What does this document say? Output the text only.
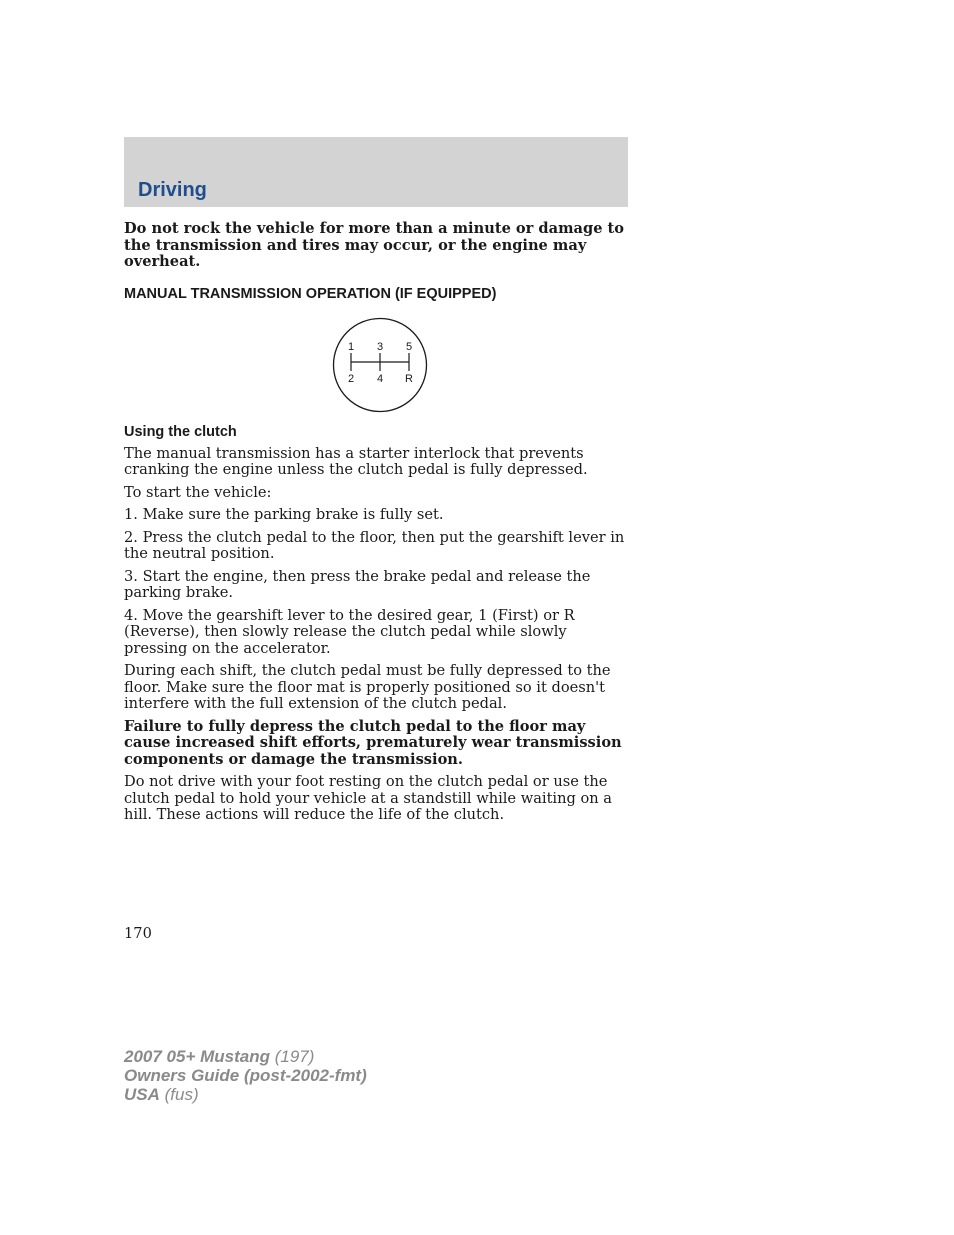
Driving

Do not rock the vehicle for more than a minute or damage to the transmission and tires may occur, or the engine may overheat.

MANUAL TRANSMISSION OPERATION (IF EQUIPPED)
1 3 5
2 4 R
Using the clutch

The manual transmission has a starter interlock that prevents cranking the engine unless the clutch pedal is fully depressed.

To start the vehicle:

1. Make sure the parking brake is fully set.

2. Press the clutch pedal to the floor, then put the gearshift lever in the neutral position.

3. Start the engine, then press the brake pedal and release the parking brake.

4. Move the gearshift lever to the desired gear, 1 (First) or R (Reverse), then slowly release the clutch pedal while slowly pressing on the accelerator.

During each shift, the clutch pedal must be fully depressed to the floor. Make sure the floor mat is properly positioned so it doesn't interfere with the full extension of the clutch pedal.

Failure to fully depress the clutch pedal to the floor may cause increased shift efforts, prematurely wear transmission components or damage the transmission.

Do not drive with your foot resting on the clutch pedal or use the clutch pedal to hold your vehicle at a standstill while waiting on a hill. These actions will reduce the life of the clutch.

170
2007 05+ Mustang (197)
Owners Guide (post-2002-fmt)
USA (fus)
